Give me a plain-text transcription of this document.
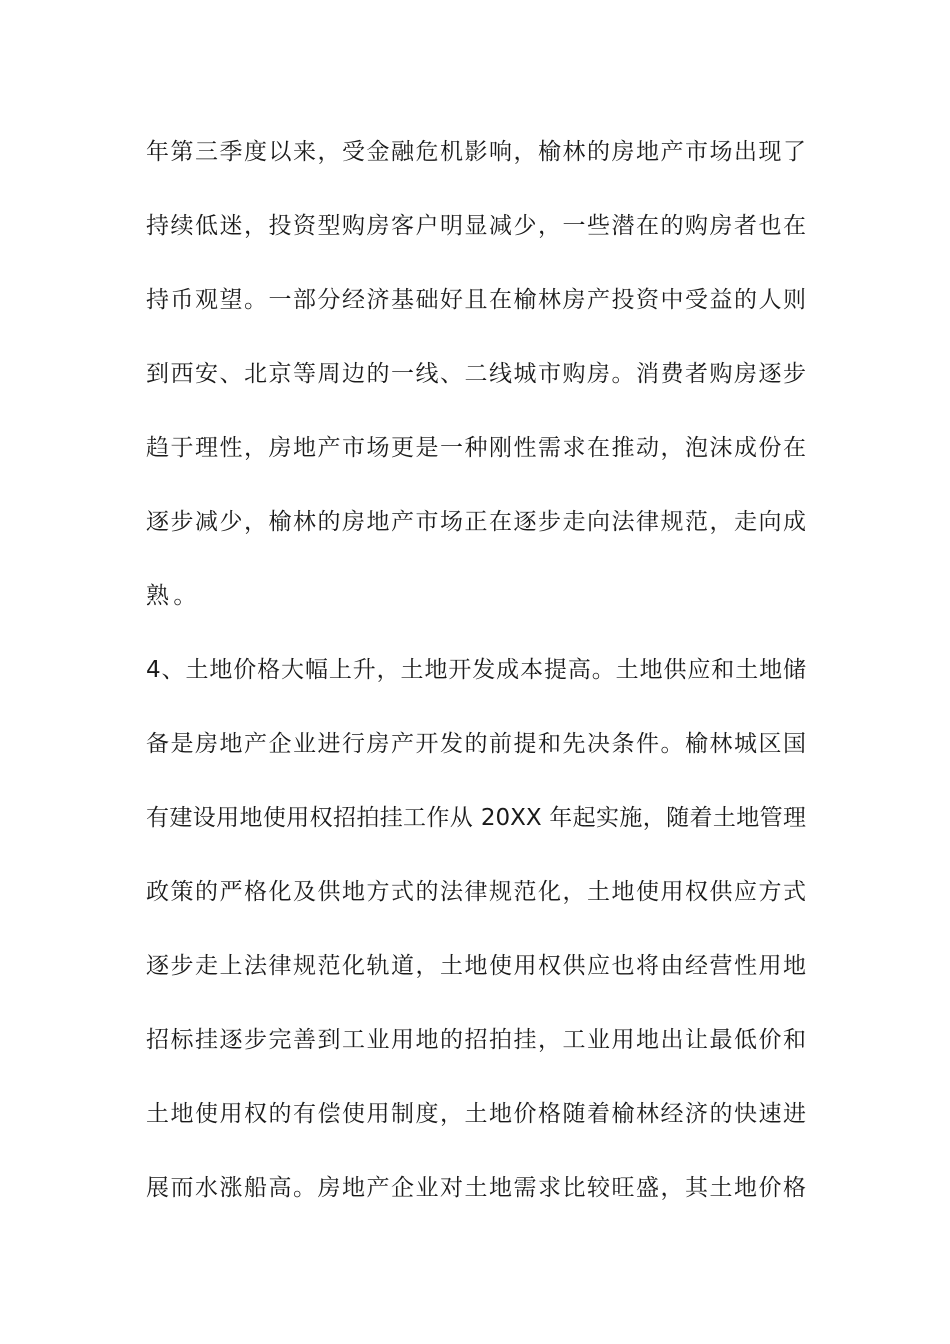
年第三季度以来，受金融危机影响，榆林的房地产市场出现了
持续低迷，投资型购房客户明显减少，一些潜在的购房者也在
持币观望。一部分经济基础好且在榆林房产投资中受益的人则
到西安、北京等周边的一线、二线城市购房。消费者购房逐步
趋于理性，房地产市场更是一种刚性需求在推动，泡沫成份在
逐步减少，榆林的房地产市场正在逐步走向法律规范，走向成
熟。
4、土地价格大幅上升，土地开发成本提高。土地供应和土地储
备是房地产企业进行房产开发的前提和先决条件。榆林城区国
有建设用地使用权招拍挂工作从 20XX 年起实施，随着土地管理
政策的严格化及供地方式的法律规范化，土地使用权供应方式
逐步走上法律规范化轨道，土地使用权供应也将由经营性用地
招标挂逐步完善到工业用地的招拍挂，工业用地出让最低价和
土地使用权的有偿使用制度，土地价格随着榆林经济的快速进
展而水涨船高。房地产企业对土地需求比较旺盛，其土地价格
